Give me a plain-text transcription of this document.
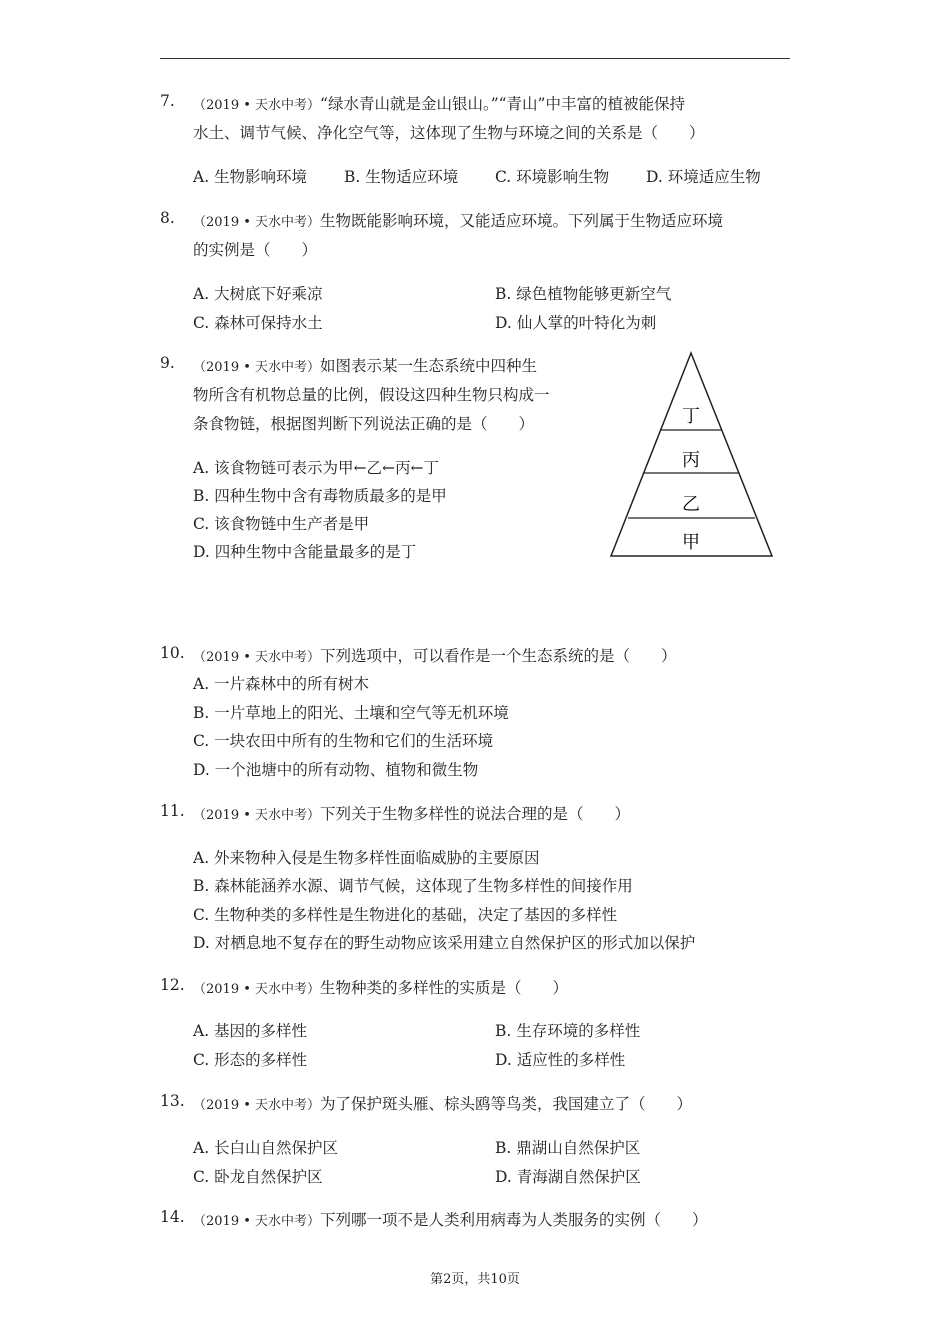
7. （2019 • 天水中考）“绿水青山就是金山银山。”“青山”中丰富的植被能保持
水土、调节气候、净化空气等，这体现了生物与环境之间的关系是（　　）
A. 生物影响环境 B. 生物适应环境 C. 环境影响生物 D. 环境适应生物
8. （2019 • 天水中考）生物既能影响环境，又能适应环境。下列属于生物适应环境
的实例是（　　）
A. 大树底下好乘凉	B. 绿色植物能够更新空气
C. 森林可保持水土	D. 仙人掌的叶特化为刺
9. （2019 • 天水中考）如图表示某一生态系统中四种生
物所含有机物总量的比例，假设这四种生物只构成一
条食物链，根据图判断下列说法正确的是（　　）
A. 该食物链可表示为甲←乙←丙←丁
B. 四种生物中含有毒物质最多的是甲
C. 该食物链中生产者是甲
D. 四种生物中含能量最多的是丁
丁
丙
乙
甲
10. （2019 • 天水中考）下列选项中，可以看作是一个生态系统的是（　　）
A. 一片森林中的所有树木
B. 一片草地上的阳光、土壤和空气等无机环境
C. 一块农田中所有的生物和它们的生活环境
D. 一个池塘中的所有动物、植物和微生物
11. （2019 • 天水中考）下列关于生物多样性的说法合理的是（　　）
A. 外来物种入侵是生物多样性面临威胁的主要原因
B. 森林能涵养水源、调节气候，这体现了生物多样性的间接作用
C. 生物种类的多样性是生物进化的基础，决定了基因的多样性
D. 对栖息地不复存在的野生动物应该采用建立自然保护区的形式加以保护
12. （2019 • 天水中考）生物种类的多样性的实质是（　　）
A. 基因的多样性	B. 生存环境的多样性
C. 形态的多样性	D. 适应性的多样性
13. （2019 • 天水中考）为了保护斑头雁、棕头鸥等鸟类，我国建立了（　　）
A. 长白山自然保护区	B. 鼎湖山自然保护区
C. 卧龙自然保护区	D. 青海湖自然保护区
14. （2019 • 天水中考）下列哪一项不是人类利用病毒为人类服务的实例（　　）
第2页，共10页
